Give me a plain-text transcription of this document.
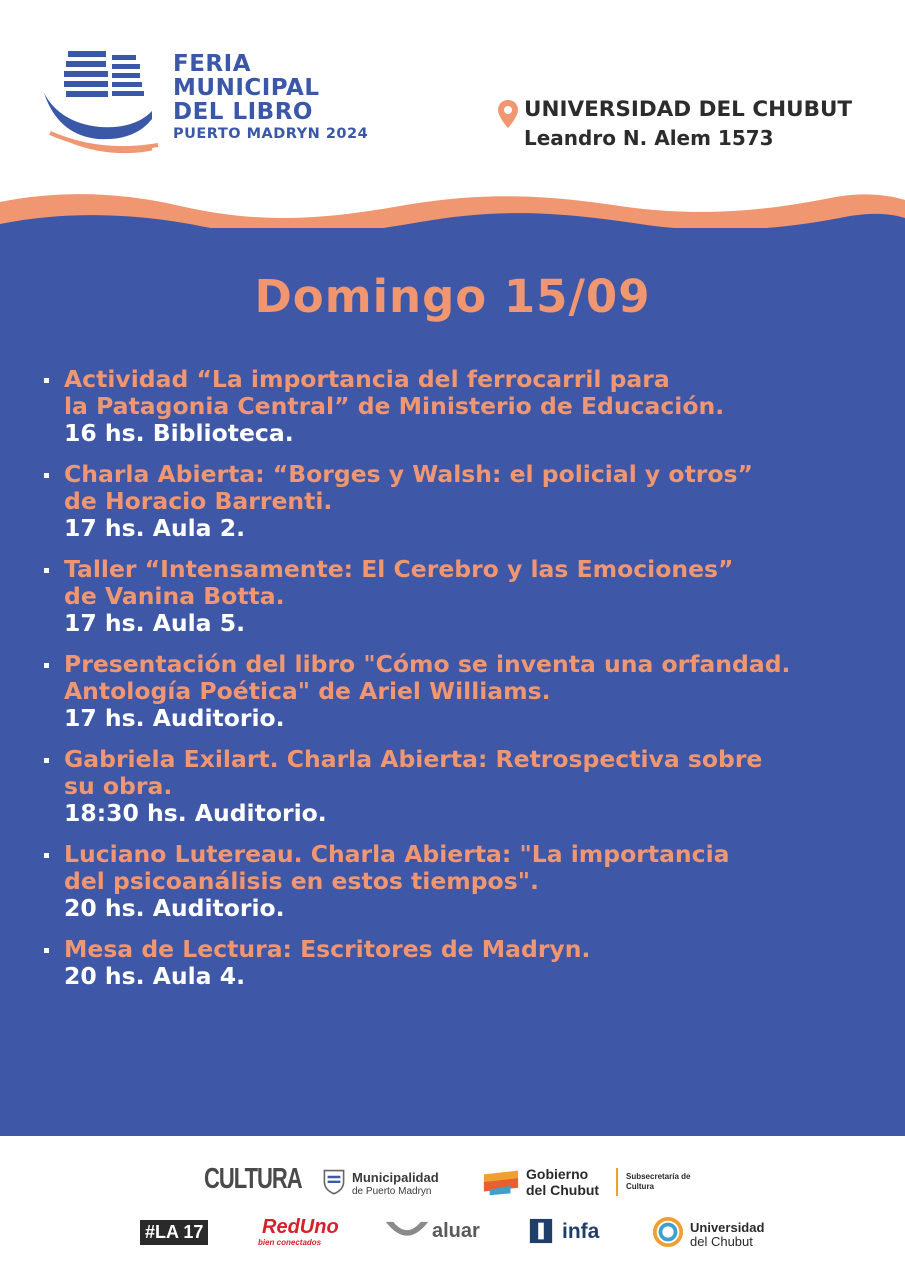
FERIA
MUNICIPAL
DEL LIBRO
PUERTO MADRYN 2024
UNIVERSIDAD DEL CHUBUT
Leandro N. Alem 1573
Domingo 15/09
Actividad “La importancia del ferrocarril para
la Patagonia Central” de Ministerio de Educación.
16 hs. Biblioteca.
Charla Abierta: “Borges y Walsh: el policial y otros”
de Horacio Barrenti.
17 hs. Aula 2.
Taller “Intensamente: El Cerebro y las Emociones”
de Vanina Botta.
17 hs. Aula 5.
Presentación del libro "Cómo se inventa una orfandad.
Antología Poética" de Ariel Williams.
17 hs. Auditorio.
Gabriela Exilart. Charla Abierta: Retrospectiva sobre
su obra.
18:30 hs. Auditorio.
Luciano Lutereau. Charla Abierta: "La importancia
del psicoanálisis en estos tiempos".
20 hs. Auditorio.
Mesa de Lectura: Escritores de Madryn.
20 hs. Aula 4.
CULTURA	Municipalidad
de Puerto Madryn
Gobierno
del Chubut
Subsecretaría de
Cultura
#LA 17	RedUno
bien conectados
aluar	infa	Universidad
del Chubut
